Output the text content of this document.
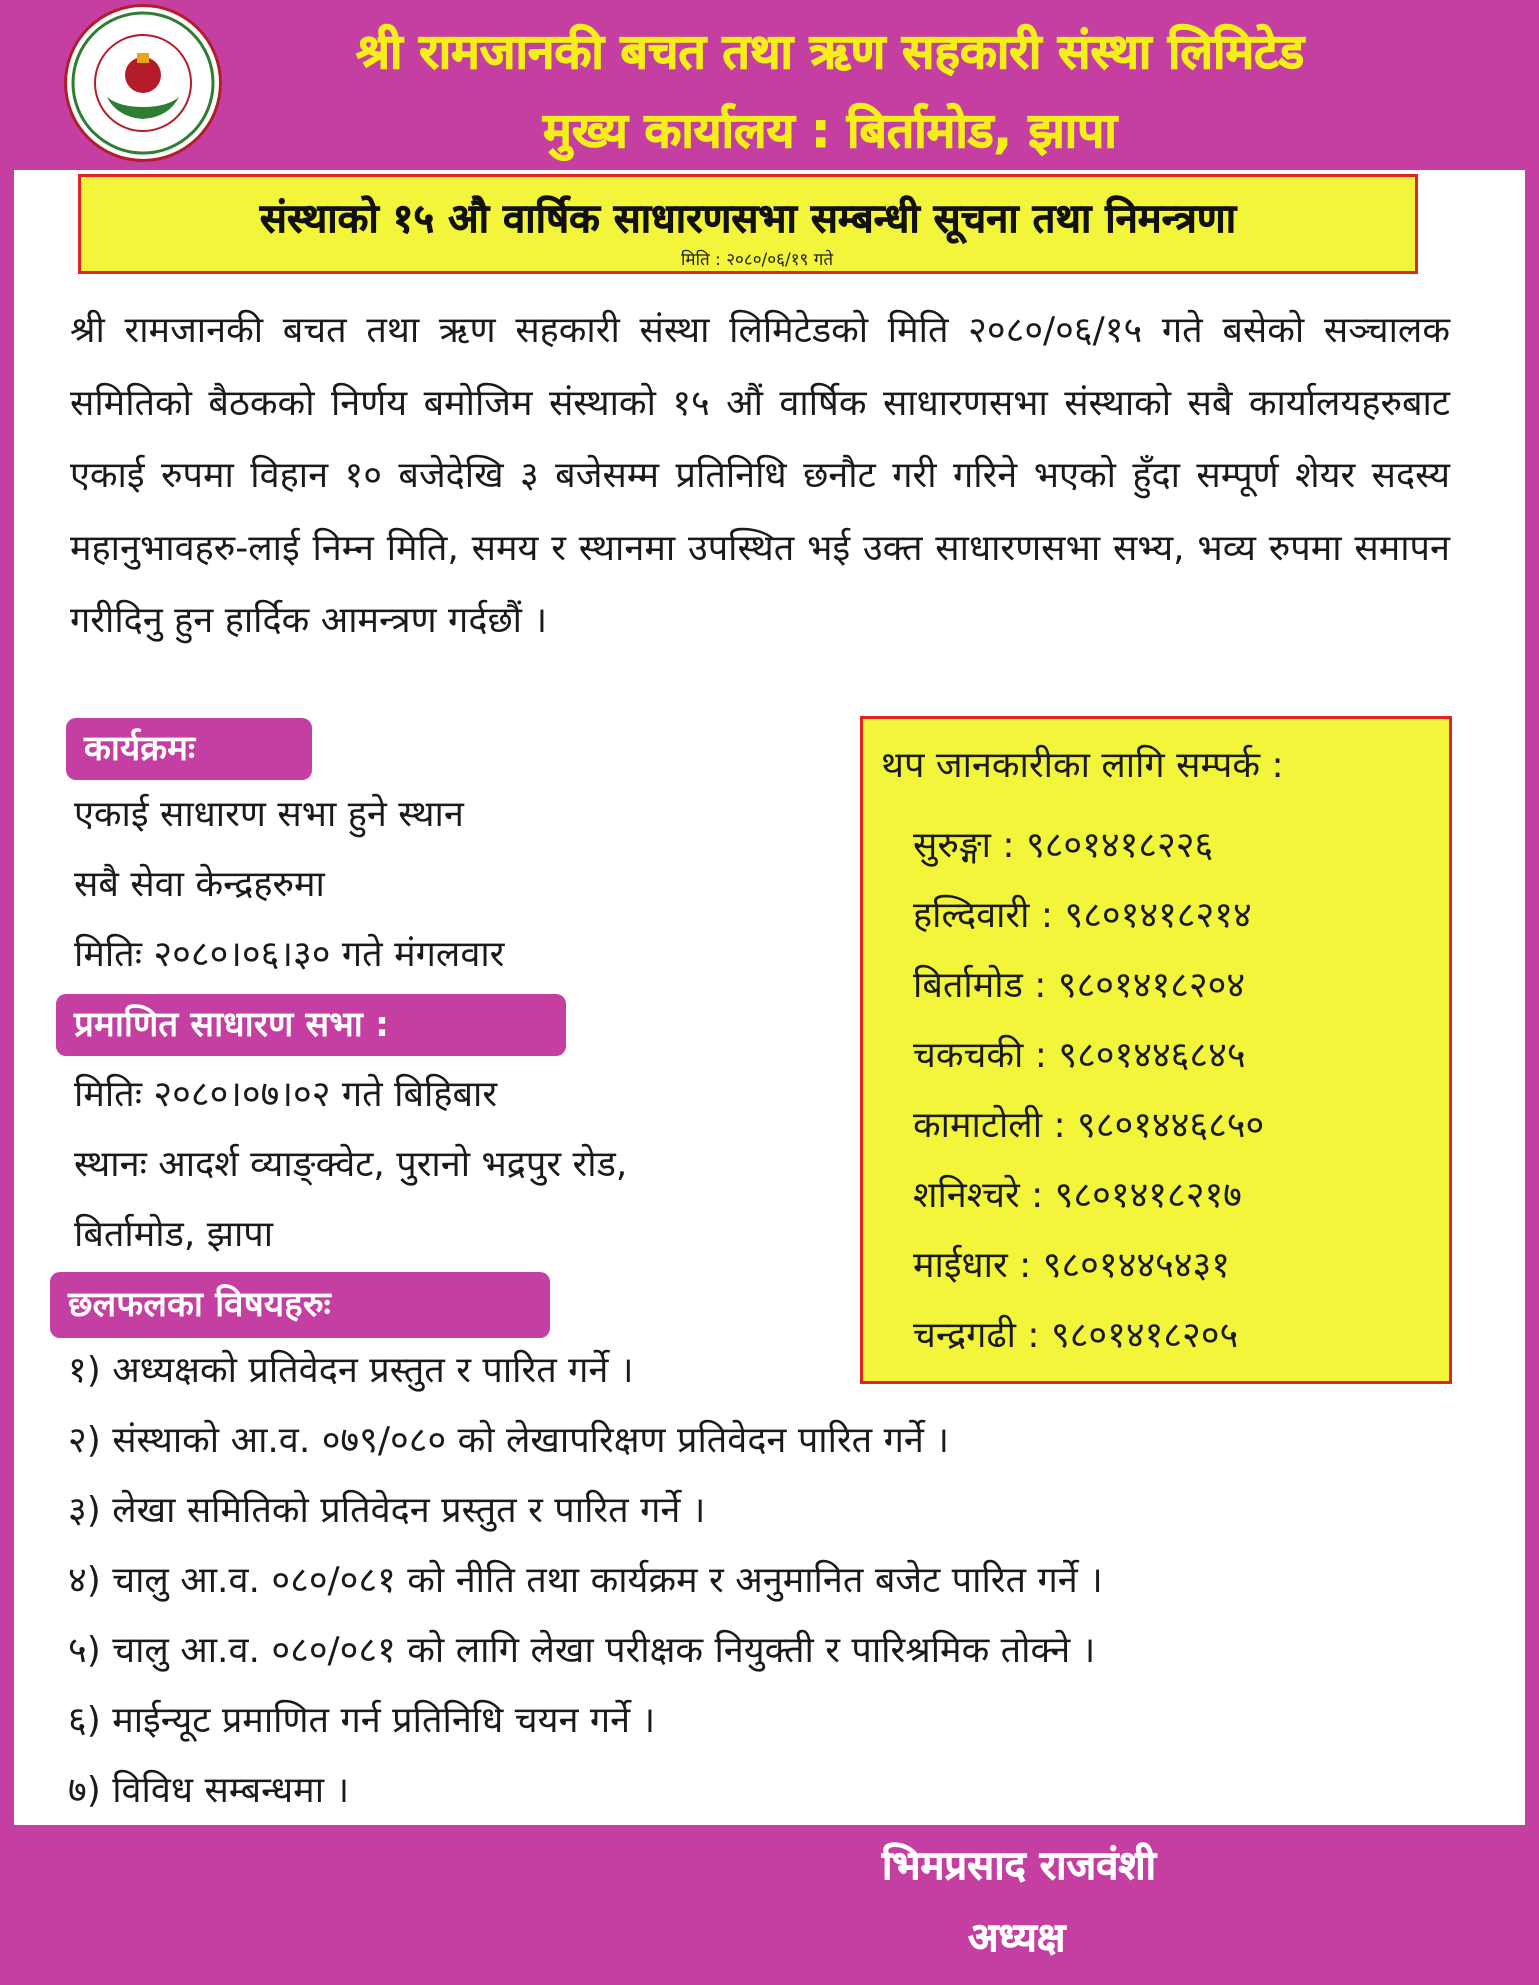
श्री रामजानकी बचत तथा ऋण सहकारी संस्था लिमिटेड
मुख्य कार्यालय : बिर्तामोड, झापा
संस्थाको १५ औ वार्षिक साधारणसभा सम्बन्धी सूचना तथा निमन्त्रणा
मिति : २०८०/०६/१९ गते
श्री रामजानकी बचत तथा ऋण सहकारी संस्था लिमिटेडको मिति २०८०/०६/१५ गते बसेको सञ्चालक समितिको बैठकको निर्णय बमोजिम संस्थाको १५ औं वार्षिक साधारणसभा संस्थाको सबै कार्यालयहरुबाट एकाई रुपमा विहान १० बजेदेखि ३ बजेसम्म प्रतिनिधि छनौट गरी गरिने भएको हुँदा सम्पूर्ण शेयर सदस्य महानुभावहरु-लाई निम्न मिति, समय र स्थानमा उपस्थित भई उक्त साधारणसभा सभ्य, भव्य रुपमा समापन गरीदिनु हुन हार्दिक आमन्त्रण गर्दछौं ।
कार्यक्रमः
एकाई साधारण सभा हुने स्थान
सबै सेवा केन्द्रहरुमा
मितिः २०८०।०६।३० गते मंगलवार
प्रमाणित साधारण सभा :
मितिः २०८०।०७।०२ गते बिहिबार
स्थानः आदर्श व्याङ्क्वेट, पुरानो भद्रपुर रोड,
बिर्तामोड, झापा
थप जानकारीका लागि सम्पर्क :
सुरुङ्गा : ९८०१४१८२२६
हल्दिवारी : ९८०१४१८२१४
बिर्तामोड : ९८०१४१८२०४
चकचकी : ९८०१४४६८४५
कामाटोली : ९८०१४४६८५०
शनिश्चरे : ९८०१४१८२१७
माईधार : ९८०१४४५४३१
चन्द्रगढी : ९८०१४१८२०५
छलफलका विषयहरुः
१) अध्यक्षको प्रतिवेदन प्रस्तुत र पारित गर्ने ।
२) संस्थाको आ.व. ०७९/०८० को लेखापरिक्षण प्रतिवेदन पारित गर्ने ।
३) लेखा समितिको प्रतिवेदन प्रस्तुत र पारित गर्ने ।
४) चालु आ.व. ०८०/०८१ को नीति तथा कार्यक्रम र अनुमानित बजेट पारित गर्ने ।
५) चालु आ.व. ०८०/०८१ को लागि लेखा परीक्षक नियुक्ती र पारिश्रमिक तोक्ने ।
६) माईन्यूट प्रमाणित गर्न प्रतिनिधि चयन गर्ने ।
७) विविध सम्बन्धमा ।
भिमप्रसाद राजवंशी
अध्यक्ष
